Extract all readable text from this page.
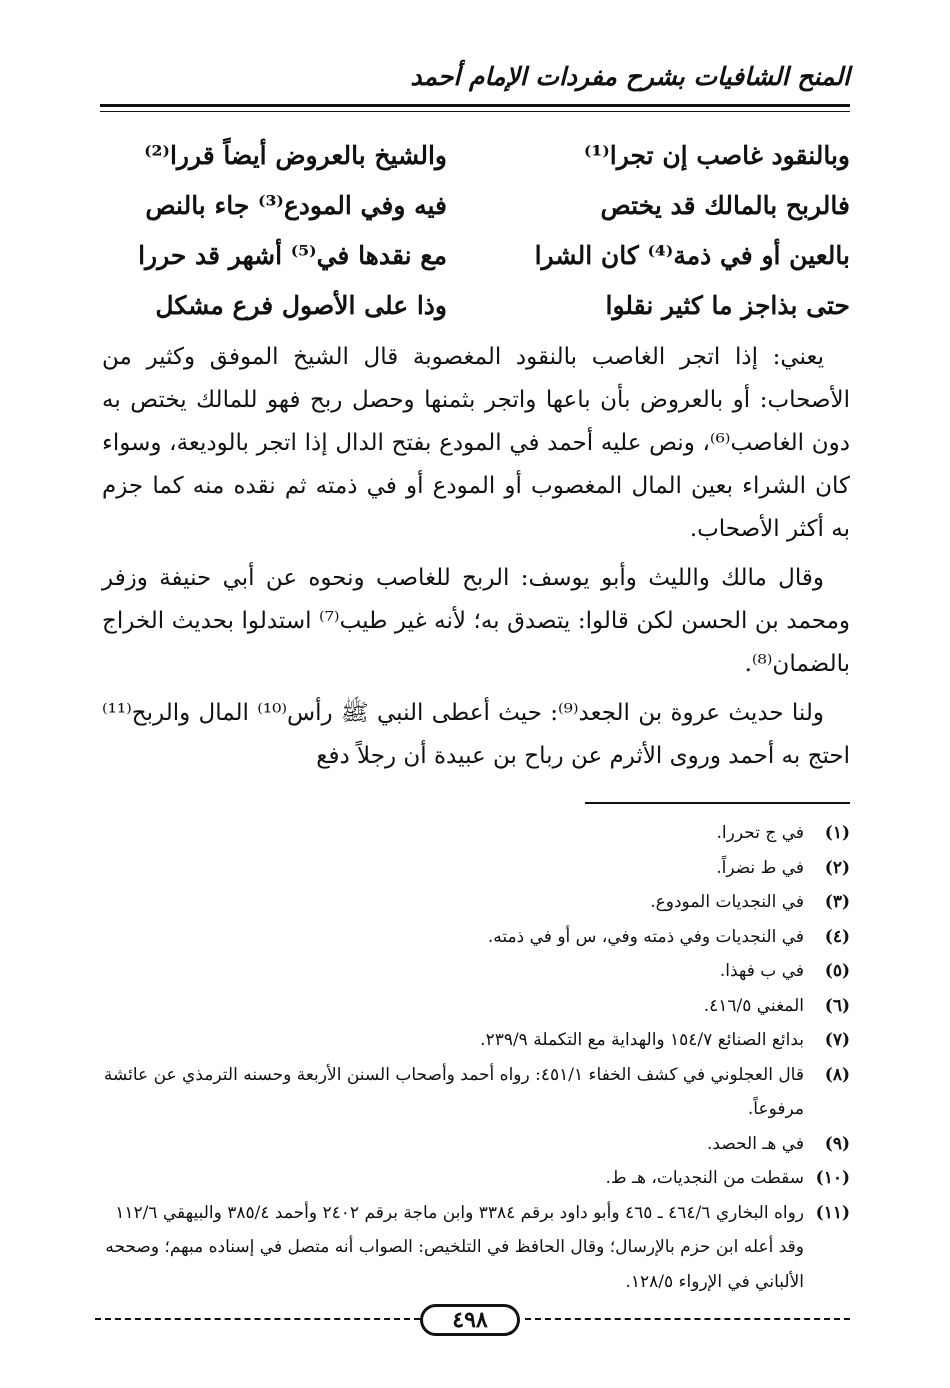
المنح الشافيات بشرح مفردات الإمام أحمد
وبالنقود غاصب إن تجرا⁽¹⁾
والشيخ بالعروض أيضاً قررا⁽²⁾
فالربح بالمالك قد يختص
فيه وفي المودع⁽³⁾ جاء بالنص
بالعين أو في ذمة⁽⁴⁾ كان الشرا
مع نقدها في⁽⁵⁾ أشهر قد حررا
حتى بذاجز ما كثير نقلوا
وذا على الأصول فرع مشكل

يعني: إذا اتجر الغاصب بالنقود المغصوبة قال الشيخ الموفق وكثير من الأصحاب: أو بالعروض بأن باعها واتجر بثمنها وحصل ربح فهو للمالك يختص به دون الغاصب⁽⁶⁾، ونص عليه أحمد في المودع بفتح الدال إذا اتجر بالوديعة، وسواء كان الشراء بعين المال المغصوب أو المودع أو في ذمته ثم نقده منه كما جزم به أكثر الأصحاب.

وقال مالك والليث وأبو يوسف: الربح للغاصب ونحوه عن أبي حنيفة وزفر ومحمد بن الحسن لكن قالوا: يتصدق به؛ لأنه غير طيب⁽⁷⁾ استدلوا بحديث الخراج بالضمان⁽⁸⁾.

ولنا حديث عروة بن الجعد⁽⁹⁾: حيث أعطى النبي ﷺ رأس⁽¹⁰⁾ المال والربح⁽¹¹⁾ احتج به أحمد وروى الأثرم عن رباح بن عبيدة أن رجلاً دفع

(١)
في ج تحررا.
(٢)
في ط نضراً.
(٣)
في النجديات المودوع.
(٤)
في النجديات وفي ذمته وفي، س أو في ذمته.
(٥)
في ب فهذا.
(٦)
المغني ٤١٦/٥.
(٧)
بدائع الصنائع ١٥٤/٧ والهداية مع التكملة ٢٣٩/٩.
(٨)
قال العجلوني في كشف الخفاء ٤٥١/١: رواه أحمد وأصحاب السنن الأربعة وحسنه الترمذي عن عائشة مرفوعاً.
(٩)
في هـ الحصد.
(١٠)
سقطت من النجديات، هـ ط.
(١١)
رواه البخاري ٤٦٤/٦ ـ ٤٦٥ وأبو داود برقم ٣٣٨٤ وابن ماجة برقم ٢٤٠٢ وأحمد ٣٨٥/٤ والبيهقي ١١٢/٦ وقد أعله ابن حزم بالإرسال؛ وقال الحافظ في التلخيص: الصواب أنه متصل في إسناده مبهم؛ وصححه الألباني في الإرواء ١٢٨/٥.
٤٩٨
